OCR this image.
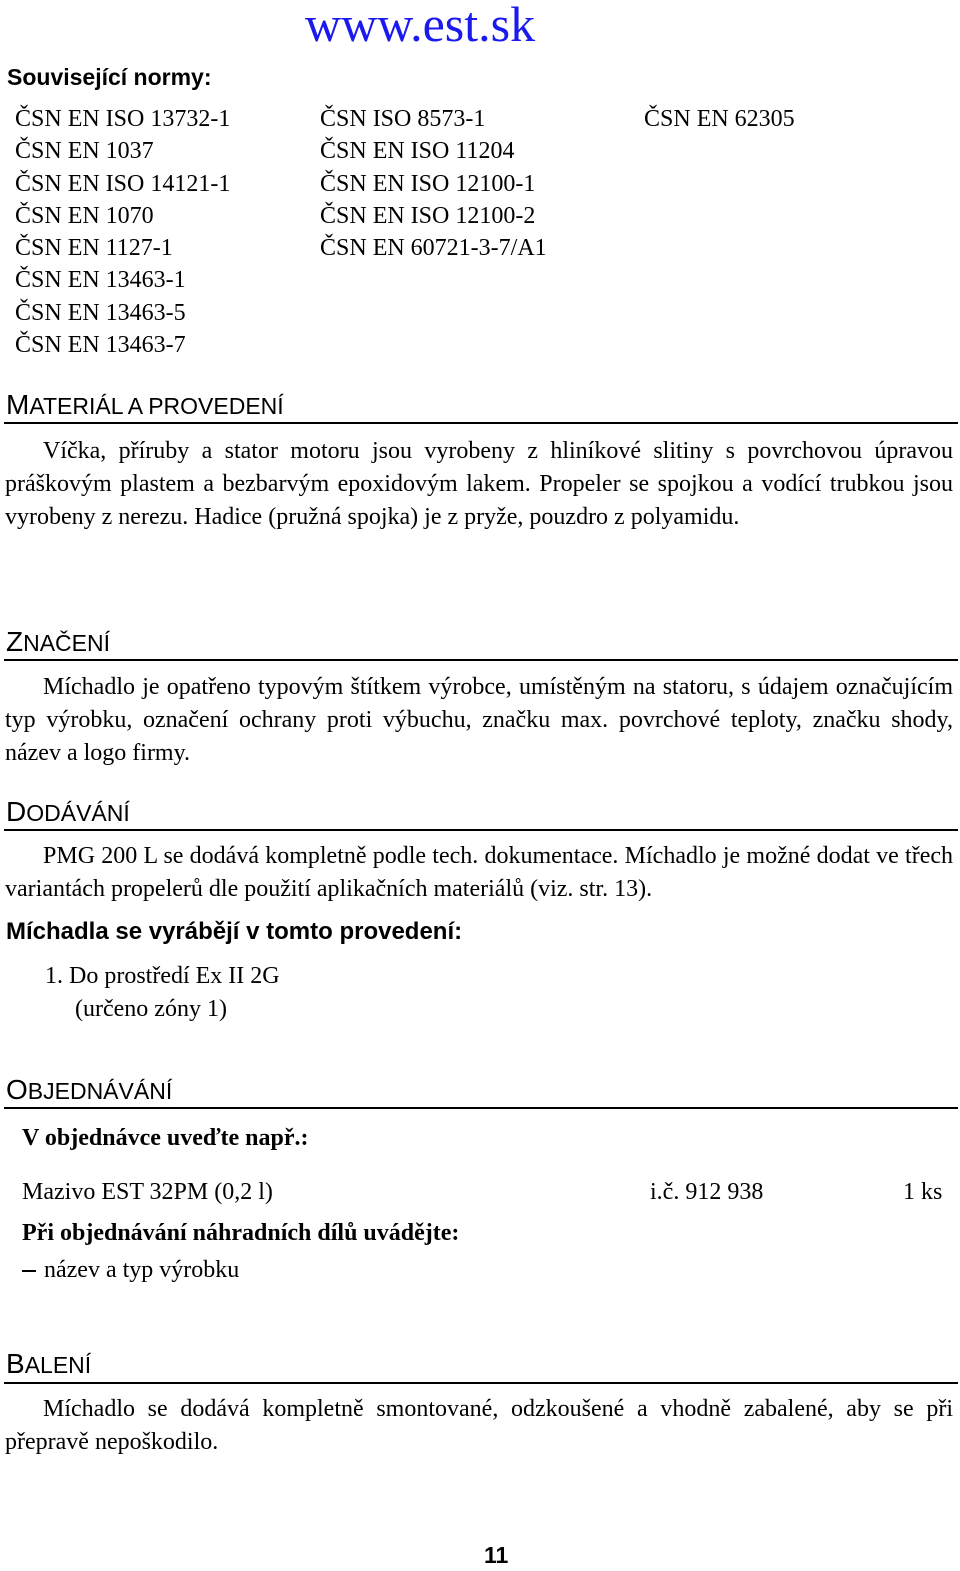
www.est.sk
Související normy:
ČSN EN ISO 13732-1
ČSN EN 1037
ČSN EN ISO 14121-1
ČSN EN 1070
ČSN EN 1127-1
ČSN EN 13463-1
ČSN EN 13463-5
ČSN EN 13463-7
ČSN ISO 8573-1
ČSN EN ISO 11204
ČSN EN ISO 12100-1
ČSN EN ISO 12100-2
ČSN EN 60721-3-7/A1
ČSN EN 62305
MATERIÁL A PROVEDENÍ

Víčka, příruby a stator motoru jsou vyrobeny z hliníkové slitiny s povrchovou úpravou práškovým plastem a bezbarvým epoxidovým lakem. Propeler se spojkou a vodící trubkou jsou vyrobeny z nerezu. Hadice (pružná spojka) je z pryže, pouzdro z polyamidu.

ZNAČENÍ

Míchadlo je opatřeno typovým štítkem výrobce, umístěným na statoru, s údajem označujícím typ výrobku, označení ochrany proti výbuchu, značku max. povrchové teploty, značku shody, název a logo firmy.

DODÁVÁNÍ

PMG 200 L se dodává kompletně podle tech. dokumentace. Míchadlo je možné dodat ve třech variantách propelerů dle použití aplikačních materiálů (viz. str. 13).

Míchadla se vyrábějí v tomto provedení:
1. Do prostředí Ex II 2G
(určeno zóny 1)
OBJEDNÁVÁNÍ
V objednávce uveďte např.:
Mazivo EST 32PM (0,2 l)	i.č. 912 938	1 ks
Při objednávání náhradních dílů uvádějte:
název a typ výrobku
BALENÍ

Míchadlo se dodává kompletně smontované, odzkoušené a vhodně zabalené, aby se při přepravě nepoškodilo.

11
